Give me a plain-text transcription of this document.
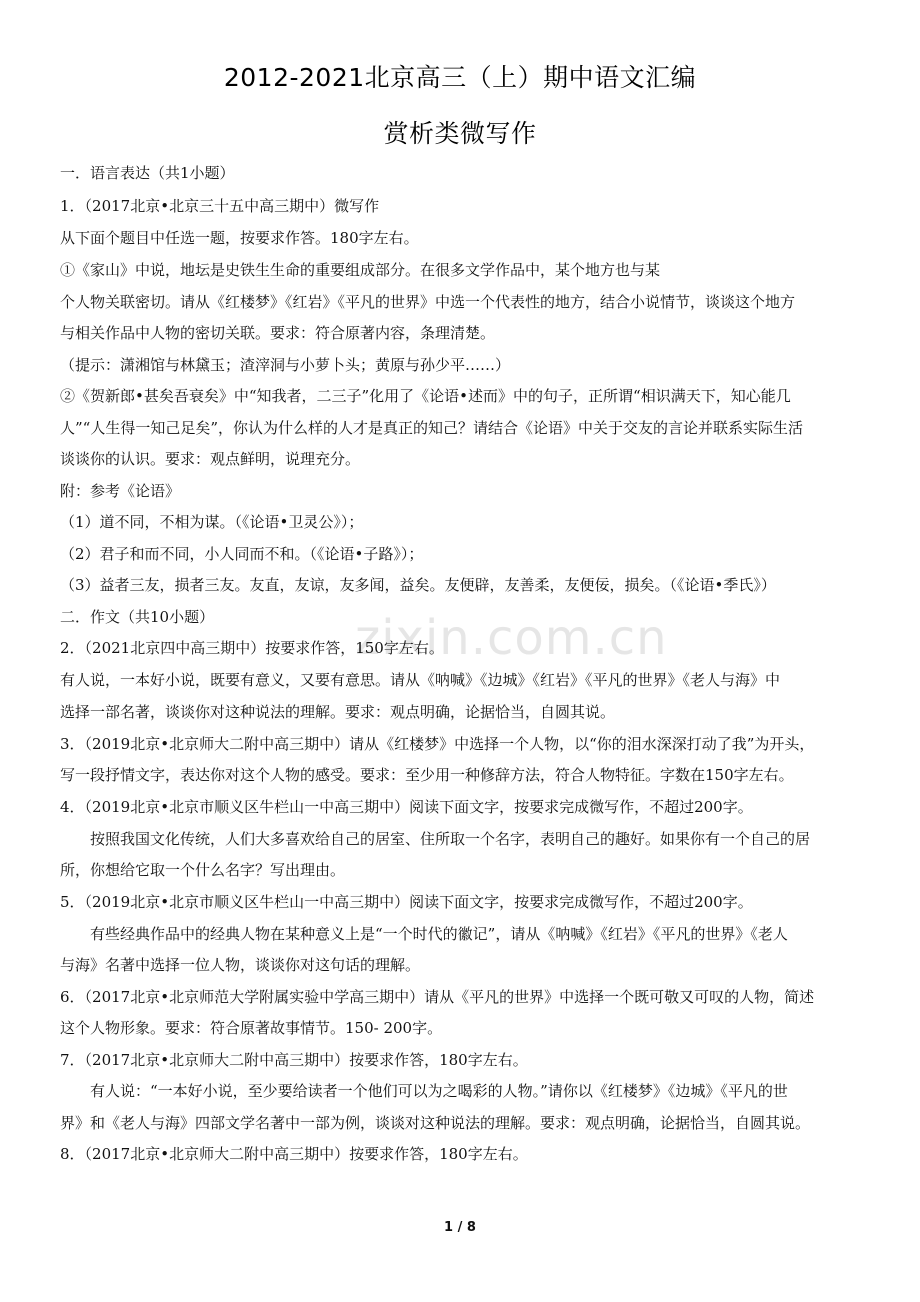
zixin.com.cn
2012-2021北京高三（上）期中语文汇编
赏析类微写作
一．语言表达（共1小题）
1．（2017北京•北京三十五中高三期中）微写作
从下面个题目中任选一题，按要求作答。180字左右。
①《家山》中说，地坛是史铁生生命的重要组成部分。在很多文学作品中，某个地方也与某
个人物关联密切。请从《红楼梦》《红岩》《平凡的世界》中选一个代表性的地方，结合小说情节，谈谈这个地方
与相关作品中人物的密切关联。要求：符合原著内容，条理清楚。
（提示：潇湘馆与林黛玉；渣滓洞与小萝卜头；黄原与孙少平……）
②《贺新郎•甚矣吾衰矣》中“知我者，二三子”化用了《论语•述而》中的句子，正所谓“相识满天下，知心能几
人”“人生得一知己足矣”，你认为什么样的人才是真正的知己？请结合《论语》中关于交友的言论并联系实际生活
谈谈你的认识。要求：观点鲜明，说理充分。
附：参考《论语》
（1）道不同，不相为谋。（《论语•卫灵公》）；
（2）君子和而不同，小人同而不和。（《论语•子路》）；
（3）益者三友，损者三友。友直，友谅，友多闻，益矣。友便辟，友善柔，友便佞，损矣。（《论语•季氏》）
二．作文（共10小题）
2．（2021北京四中高三期中）按要求作答，150字左右。
有人说，一本好小说，既要有意义，又要有意思。请从《呐喊》《边城》《红岩》《平凡的世界》《老人与海》中
选择一部名著，谈谈你对这种说法的理解。要求：观点明确，论据恰当，自圆其说。
3．（2019北京•北京师大二附中高三期中）请从《红楼梦》中选择一个人物，以“你的泪水深深打动了我”为开头，
写一段抒情文字，表达你对这个人物的感受。要求：至少用一种修辞方法，符合人物特征。字数在150字左右。
4．（2019北京•北京市顺义区牛栏山一中高三期中）阅读下面文字，按要求完成微写作，不超过200字。
按照我国文化传统，人们大多喜欢给自己的居室、住所取一个名字，表明自己的趣好。如果你有一个自己的居
所，你想给它取一个什么名字？写出理由。
5．（2019北京•北京市顺义区牛栏山一中高三期中）阅读下面文字，按要求完成微写作，不超过200字。
有些经典作品中的经典人物在某种意义上是“一个时代的徽记”，请从《呐喊》《红岩》《平凡的世界》《老人
与海》名著中选择一位人物，谈谈你对这句话的理解。
6．（2017北京•北京师范大学附属实验中学高三期中）请从《平凡的世界》中选择一个既可敬又可叹的人物，简述
这个人物形象。要求：符合原著故事情节。150- 200字。
7．（2017北京•北京师大二附中高三期中）按要求作答，180字左右。
有人说：“一本好小说，至少要给读者一个他们可以为之喝彩的人物。”请你以《红楼梦》《边城》《平凡的世
界》和《老人与海》四部文学名著中一部为例，谈谈对这种说法的理解。要求：观点明确，论据恰当，自圆其说。
8．（2017北京•北京师大二附中高三期中）按要求作答，180字左右。
1 / 8
